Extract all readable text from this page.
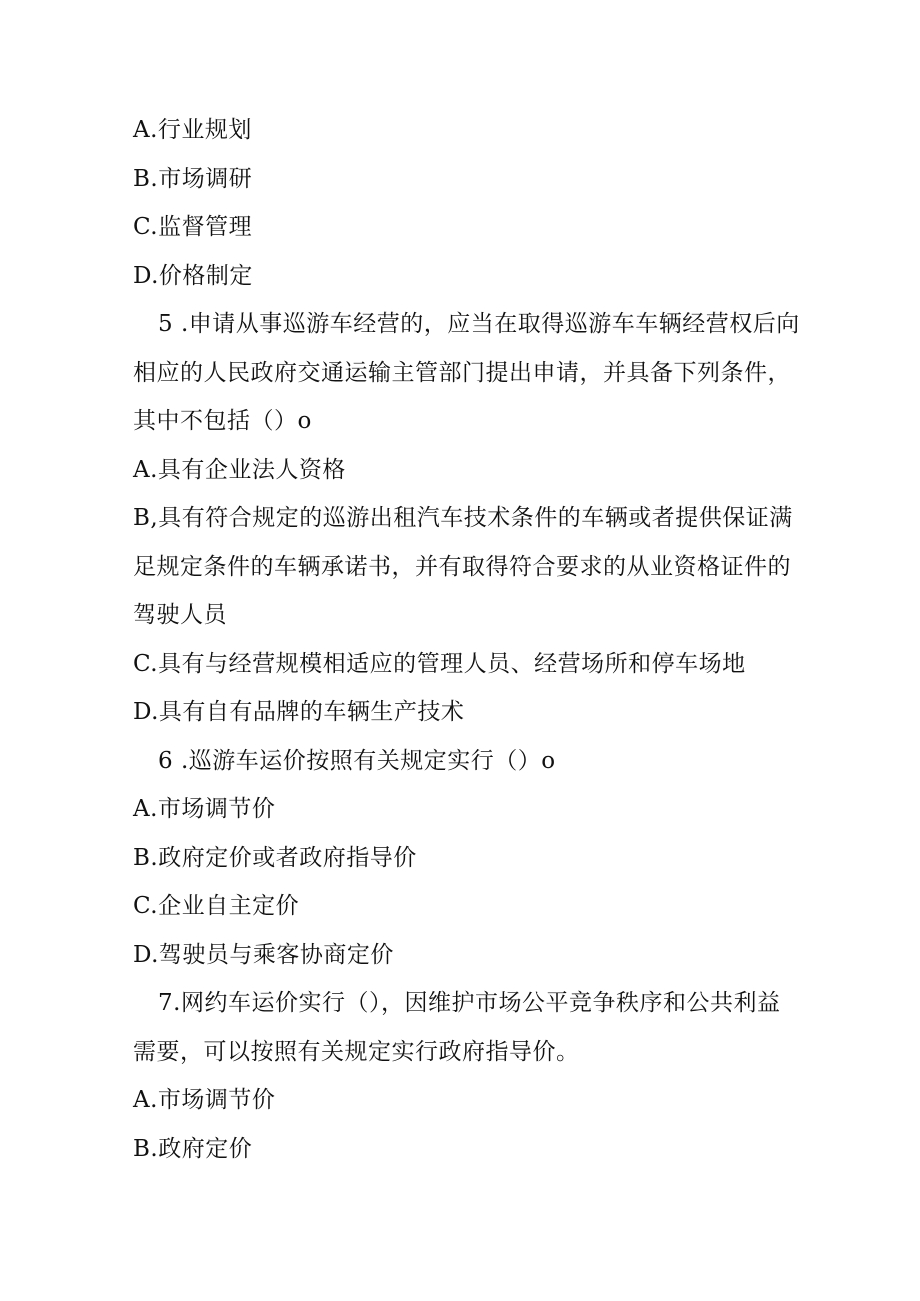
A.行业规划
B.市场调研
C.监督管理
D.价格制定
5 .申请从事巡游车经营的，应当在取得巡游车车辆经营权后向
相应的人民政府交通运输主管部门提出申请，并具备下列条件，
其中不包括（）o
A.具有企业法人资格
B,具有符合规定的巡游出租汽车技术条件的车辆或者提供保证满
足规定条件的车辆承诺书，并有取得符合要求的从业资格证件的
驾驶人员
C.具有与经营规模相适应的管理人员、经营场所和停车场地
D.具有自有品牌的车辆生产技术
6 .巡游车运价按照有关规定实行（）o
A.市场调节价
B.政府定价或者政府指导价
C.企业自主定价
D.驾驶员与乘客协商定价
7.网约车运价实行（），因维护市场公平竞争秩序和公共利益
需要，可以按照有关规定实行政府指导价。
A.市场调节价
B.政府定价
